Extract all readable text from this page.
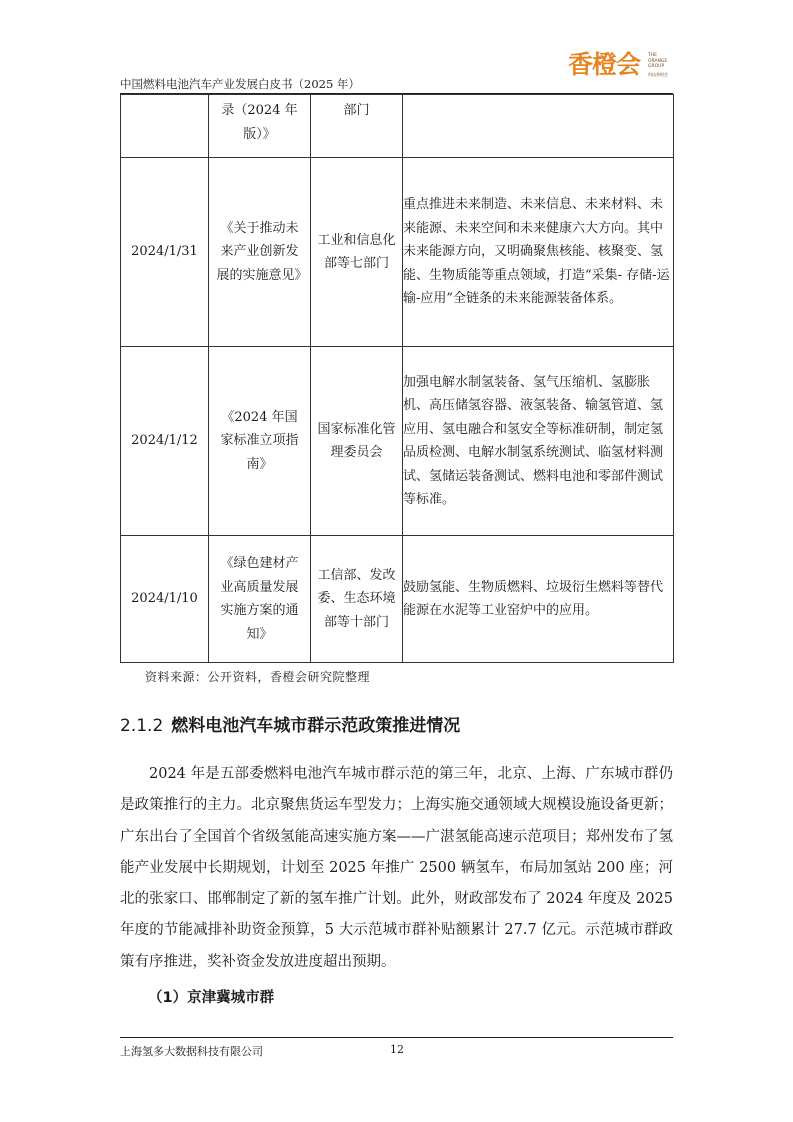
中国燃料电池汽车产业发展白皮书（2025 年）
香橙会 THE ORANGE GROUP
科技香橙会

	录（2024 年版）》	部门	

2024/1/31	《关于推动未来产业创新发展的实施意见》	工业和信息化部等七部门	重点推进未来制造、未来信息、未来材料、未来能源、未来空间和未来健康六大方向。其中未来能源方向，又明确聚焦核能、核聚变、氢能、生物质能等重点领域，打造“采集- 存储-运输-应用”全链条的未来能源装备体系。
2024/1/12	《2024 年国家标准立项指南》	国家标准化管理委员会	加强电解水制氢装备、氢气压缩机、氢膨胀机、高压储氢容器、液氢装备、输氢管道、氢应用、氢电融合和氢安全等标准研制，制定氢品质检测、电解水制氢系统测试、临氢材料测试、氢储运装备测试、燃料电池和零部件测试等标准。
2024/1/10	《绿色建材产业高质量发展实施方案的通知》	工信部、发改委、生态环境部等十部门	鼓励氢能、生物质燃料、垃圾衍生燃料等替代能源在水泥等工业窑炉中的应用。
资料来源：公开资料，香橙会研究院整理
2.1.2 燃料电池汽车城市群示范政策推进情况

2024 年是五部委燃料电池汽车城市群示范的第三年，北京、上海、广东城市群仍是政策推行的主力。北京聚焦货运车型发力；上海实施交通领域大规模设施设备更新；广东出台了全国首个省级氢能高速实施方案——广湛氢能高速示范项目；郑州发布了氢能产业发展中长期规划，计划至 2025 年推广 2500 辆氢车，布局加氢站 200 座；河北的张家口、邯郸制定了新的氢车推广计划。此外，财政部发布了 2024 年度及 2025 年度的节能减排补助资金预算，5 大示范城市群补贴额累计 27.7 亿元。示范城市群政策有序推进，奖补资金发放进度超出预期。

（1）京津冀城市群
上海氢多大数据科技有限公司	12
